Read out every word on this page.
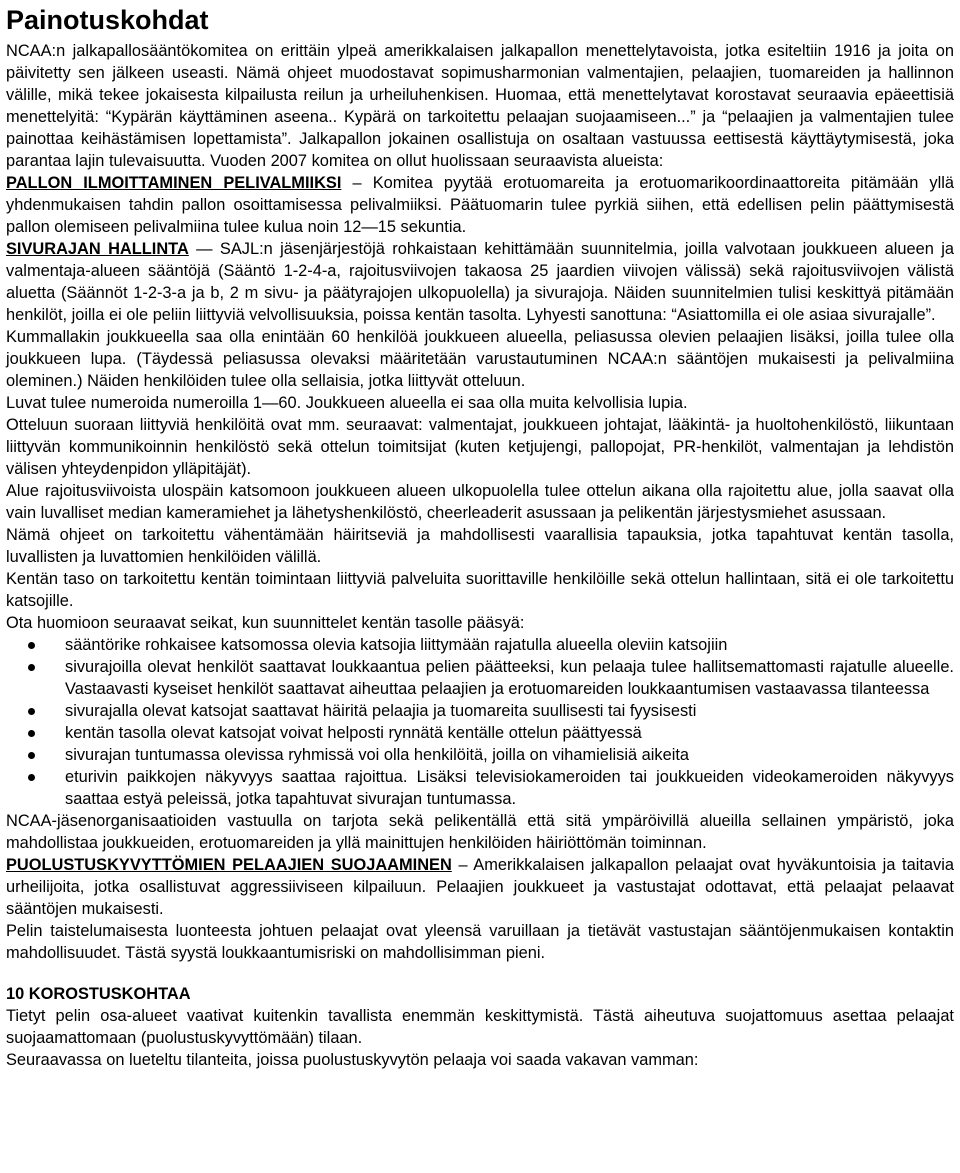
Painotuskohdat

NCAA:n jalkapallosääntökomitea on erittäin ylpeä amerikkalaisen jalkapallon menettelytavoista, jotka esiteltiin 1916 ja joita on päivitetty sen jälkeen useasti. Nämä ohjeet muodostavat sopimusharmonian valmentajien, pelaajien, tuomareiden ja hallinnon välille, mikä tekee jokaisesta kilpailusta reilun ja urheiluhenkisen. Huomaa, että menettelytavat korostavat seuraavia epäeettisiä menettelyitä: “Kypärän käyttäminen aseena.. Kypärä on tarkoitettu pelaajan suojaamiseen...” ja “pelaajien ja valmentajien tulee painottaa keihästämisen lopettamista”. Jalkapallon jokainen osallistuja on osaltaan vastuussa eettisestä käyttäytymisestä, joka parantaa lajin tulevaisuutta. Vuoden 2007 komitea on ollut huolissaan seuraavista alueista:

PALLON ILMOITTAMINEN PELIVALMIIKSI – Komitea pyytää erotuomareita ja erotuomarikoordinaattoreita pitämään yllä yhdenmukaisen tahdin pallon osoittamisessa pelivalmiiksi. Päätuomarin tulee pyrkiä siihen, että edellisen pelin päättymisestä pallon olemiseen pelivalmiina tulee kulua noin 12—15 sekuntia.

SIVURAJAN HALLINTA — SAJL:n jäsenjärjestöjä rohkaistaan kehittämään suunnitelmia, joilla valvotaan joukkueen alueen ja valmentaja-alueen sääntöjä (Sääntö 1-2-4-a, rajoitusviivojen takaosa 25 jaardien viivojen välissä) sekä rajoitusviivojen välistä aluetta (Säännöt 1-2-3-a ja b, 2 m sivu- ja päätyrajojen ulkopuolella) ja sivurajoja. Näiden suunnitelmien tulisi keskittyä pitämään henkilöt, joilla ei ole peliin liittyviä velvollisuuksia, poissa kentän tasolta. Lyhyesti sanottuna: “Asiattomilla ei ole asiaa sivurajalle”.

Kummallakin joukkueella saa olla enintään 60 henkilöä joukkueen alueella, peliasussa olevien pelaajien lisäksi, joilla tulee olla joukkueen lupa. (Täydessä peliasussa olevaksi määritetään varustautuminen NCAA:n sääntöjen mukaisesti ja pelivalmiina oleminen.) Näiden henkilöiden tulee olla sellaisia, jotka liittyvät otteluun.

Luvat tulee numeroida numeroilla 1—60. Joukkueen alueella ei saa olla muita kelvollisia lupia.

Otteluun suoraan liittyviä henkilöitä ovat mm. seuraavat: valmentajat, joukkueen johtajat, lääkintä- ja huoltohenkilöstö, liikuntaan liittyvän kommunikoinnin henkilöstö sekä ottelun toimitsijat (kuten ketjujengi, pallopojat, PR-henkilöt, valmentajan ja lehdistön välisen yhteydenpidon ylläpitäjät).

Alue rajoitusviivoista ulospäin katsomoon joukkueen alueen ulkopuolella tulee ottelun aikana olla rajoitettu alue, jolla saavat olla vain luvalliset median kameramiehet ja lähetyshenkilöstö, cheerleaderit asussaan ja pelikentän järjestysmiehet asussaan.

Nämä ohjeet on tarkoitettu vähentämään häiritseviä ja mahdollisesti vaarallisia tapauksia, jotka tapahtuvat kentän tasolla, luvallisten ja luvattomien henkilöiden välillä.

Kentän taso on tarkoitettu kentän toimintaan liittyviä palveluita suorittaville henkilöille sekä ottelun hallintaan, sitä ei ole tarkoitettu katsojille.

Ota huomioon seuraavat seikat, kun suunnittelet kentän tasolle pääsyä:

sääntörike rohkaisee katsomossa olevia katsojia liittymään rajatulla alueella oleviin katsojiin
sivurajoilla olevat henkilöt saattavat loukkaantua pelien päätteeksi, kun pelaaja tulee hallitsemattomasti rajatulle alueelle. Vastaavasti kyseiset henkilöt saattavat aiheuttaa pelaajien ja erotuomareiden loukkaantumisen vastaavassa tilanteessa
sivurajalla olevat katsojat saattavat häiritä pelaajia ja tuomareita suullisesti tai fyysisesti
kentän tasolla olevat katsojat voivat helposti rynnätä kentälle ottelun päättyessä
sivurajan tuntumassa olevissa ryhmissä voi olla henkilöitä, joilla on vihamielisiä aikeita
eturivin paikkojen näkyvyys saattaa rajoittua. Lisäksi televisiokameroiden tai joukkueiden videokameroiden näkyvyys saattaa estyä peleissä, jotka tapahtuvat sivurajan tuntumassa.

NCAA-jäsenorganisaatioiden vastuulla on tarjota sekä pelikentällä että sitä ympäröivillä alueilla sellainen ympäristö, joka mahdollistaa joukkueiden, erotuomareiden ja yllä mainittujen henkilöiden häiriöttömän toiminnan.

PUOLUSTUSKYVYTTÖMIEN PELAAJIEN SUOJAAMINEN – Amerikkalaisen jalkapallon pelaajat ovat hyväkuntoisia ja taitavia urheilijoita, jotka osallistuvat aggressiiviseen kilpailuun. Pelaajien joukkueet ja vastustajat odottavat, että pelaajat pelaavat sääntöjen mukaisesti.

Pelin taistelumaisesta luonteesta johtuen pelaajat ovat yleensä varuillaan ja tietävät vastustajan sääntöjenmukaisen kontaktin mahdollisuudet. Tästä syystä loukkaantumisriski on mahdollisimman pieni.

10 KOROSTUSKOHTAA

Tietyt pelin osa-alueet vaativat kuitenkin tavallista enemmän keskittymistä. Tästä aiheutuva suojattomuus asettaa pelaajat suojaamattomaan (puolustuskyvyttömään) tilaan.

Seuraavassa on lueteltu tilanteita, joissa puolustuskyvytön pelaaja voi saada vakavan vamman:
